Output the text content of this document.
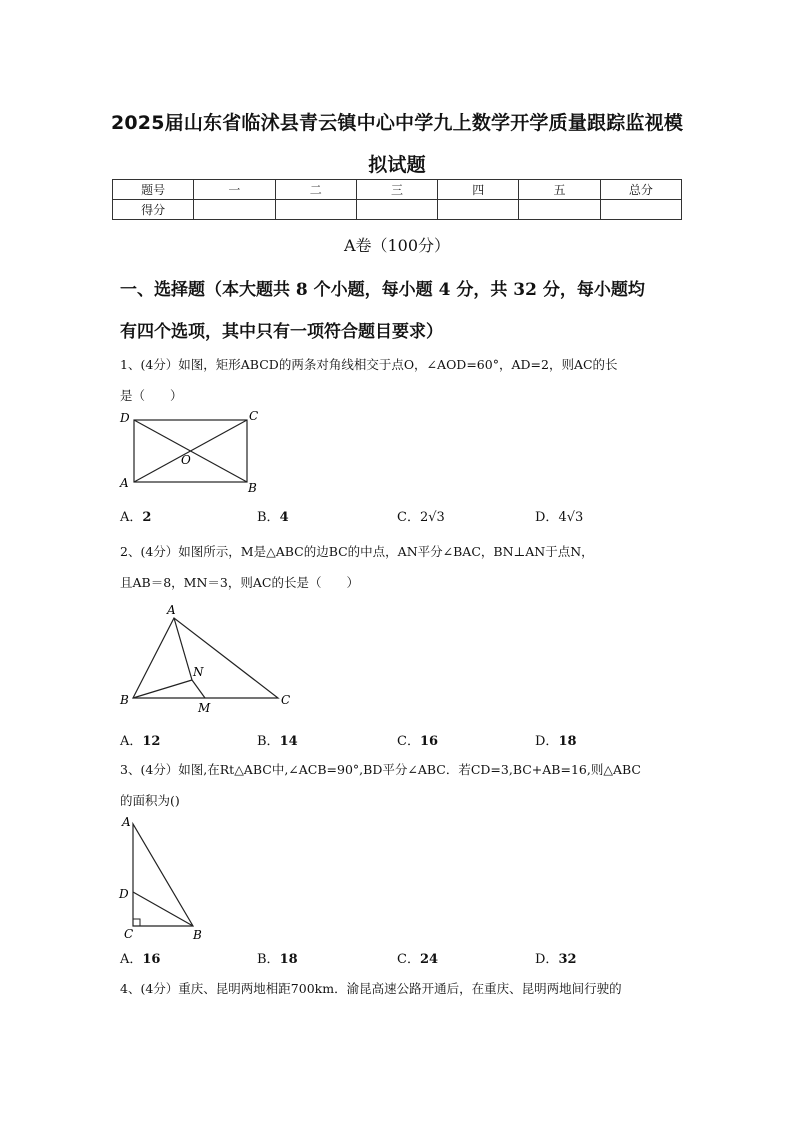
2025届山东省临沭县青云镇中心中学九上数学开学质量跟踪监视模
拟试题
题号	一	二	三	四	五	总分
得分						
A卷（100分）
一、选择题（本大题共 8 个小题，每小题 4 分，共 32 分，每小题均
有四个选项，其中只有一项符合题目要求）
1、(4分）如图，矩形ABCD的两条对角线相交于点O，∠AOD=60°，AD=2，则AC的长
是（　　）
D	C
A	B
O
A．2	B．4	C．2√3	D．4√3
2、(4分）如图所示，M是△ABC的边BC的中点，AN平分∠BAC，BN⊥AN于点N，
且AB＝8，MN＝3，则AC的长是（　　）
A
B	C
N
M
A．12	B．14	C．16	D．18
3、(4分）如图,在Rt△ABC中,∠ACB=90°,BD平分∠ABC．若CD=3,BC+AB=16,则△ABC
的面积为()
A
D
C	B
A．16	B．18	C．24	D．32
4、(4分）重庆、昆明两地相距700km．渝昆高速公路开通后，在重庆、昆明两地间行驶的
